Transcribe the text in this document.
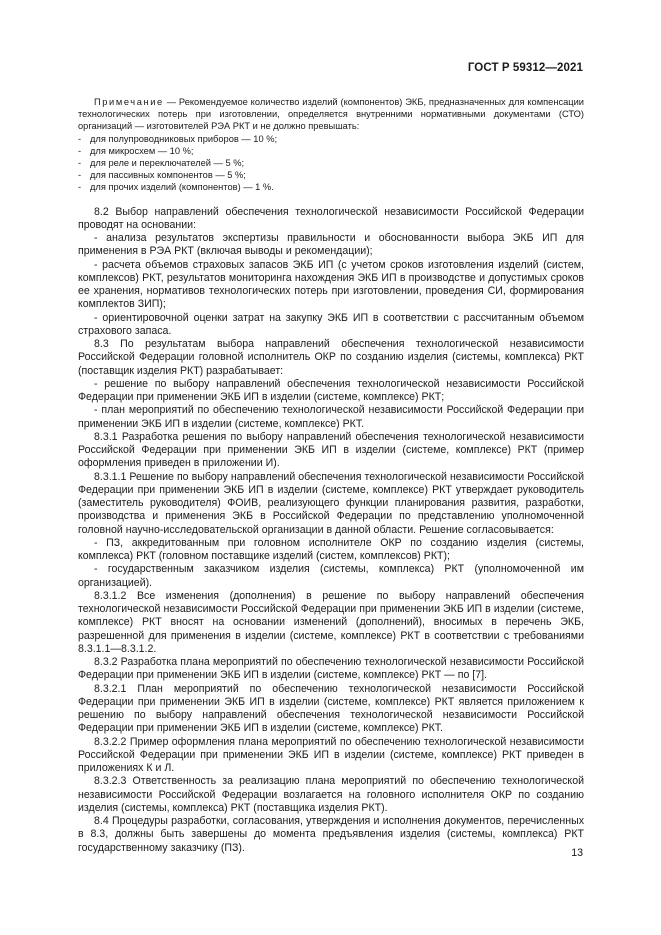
ГОСТ Р 59312—2021
Примечание — Рекомендуемое количество изделий (компонентов) ЭКБ, предназначенных для компенсации технологических потерь при изготовлении, определяется внутренними нормативными документами (СТО) организаций — изготовителей РЭА РКТ и не должно превышать:
- для полупроводниковых приборов — 10 %;
- для микросхем — 10 %;
- для реле и переключателей — 5 %;
- для пассивных компонентов — 5 %;
- для прочих изделий (компонентов) — 1 %.

8.2 Выбор направлений обеспечения технологической независимости Российской Федерации проводят на основании:

- анализа результатов экспертизы правильности и обоснованности выбора ЭКБ ИП для применения в РЭА РКТ (включая выводы и рекомендации);

- расчета объемов страховых запасов ЭКБ ИП (с учетом сроков изготовления изделий (систем, комплексов) РКТ, результатов мониторинга нахождения ЭКБ ИП в производстве и допустимых сроков ее хранения, нормативов технологических потерь при изготовлении, проведения СИ, формирования комплектов ЗИП);

- ориентировочной оценки затрат на закупку ЭКБ ИП в соответствии с рассчитанным объемом страхового запаса.

8.3 По результатам выбора направлений обеспечения технологической независимости Российской Федерации головной исполнитель ОКР по созданию изделия (системы, комплекса) РКТ (поставщик изделия РКТ) разрабатывает:

- решение по выбору направлений обеспечения технологической независимости Российской Федерации при применении ЭКБ ИП в изделии (системе, комплексе) РКТ;

- план мероприятий по обеспечению технологической независимости Российской Федерации при применении ЭКБ ИП в изделии (системе, комплексе) РКТ.

8.3.1 Разработка решения по выбору направлений обеспечения технологической независимости Российской Федерации при применении ЭКБ ИП в изделии (системе, комплексе) РКТ (пример оформления приведен в приложении И).

8.3.1.1 Решение по выбору направлений обеспечения технологической независимости Российской Федерации при применении ЭКБ ИП в изделии (системе, комплексе) РКТ утверждает руководитель (заместитель руководителя) ФОИВ, реализующего функции планирования развития, разработки, производства и применения ЭКБ в Российской Федерации по представлению уполномоченной головной научно-исследовательской организации в данной области. Решение согласовывается:

- ПЗ, аккредитованным при головном исполнителе ОКР по созданию изделия (системы, комплекса) РКТ (головном поставщике изделий (систем, комплексов) РКТ);

- государственным заказчиком изделия (системы, комплекса) РКТ (уполномоченной им организацией).

8.3.1.2 Все изменения (дополнения) в решение по выбору направлений обеспечения технологической независимости Российской Федерации при применении ЭКБ ИП в изделии (системе, комплексе) РКТ вносят на основании изменений (дополнений), вносимых в перечень ЭКБ, разрешенной для применения в изделии (системе, комплексе) РКТ в соответствии с требованиями 8.3.1.1—8.3.1.2.

8.3.2 Разработка плана мероприятий по обеспечению технологической независимости Российской Федерации при применении ЭКБ ИП в изделии (системе, комплексе) РКТ — по [7].

8.3.2.1 План мероприятий по обеспечению технологической независимости Российской Федерации при применении ЭКБ ИП в изделии (системе, комплексе) РКТ является приложением к решению по выбору направлений обеспечения технологической независимости Российской Федерации при применении ЭКБ ИП в изделии (системе, комплексе) РКТ.

8.3.2.2 Пример оформления плана мероприятий по обеспечению технологической независимости Российской Федерации при применении ЭКБ ИП в изделии (системе, комплексе) РКТ приведен в приложениях К и Л.

8.3.2.3 Ответственность за реализацию плана мероприятий по обеспечению технологической независимости Российской Федерации возлагается на головного исполнителя ОКР по созданию изделия (системы, комплекса) РКТ (поставщика изделия РКТ).

8.4 Процедуры разработки, согласования, утверждения и исполнения документов, перечисленных в 8.3, должны быть завершены до момента предъявления изделия (системы, комплекса) РКТ государственному заказчику (ПЗ).	13
